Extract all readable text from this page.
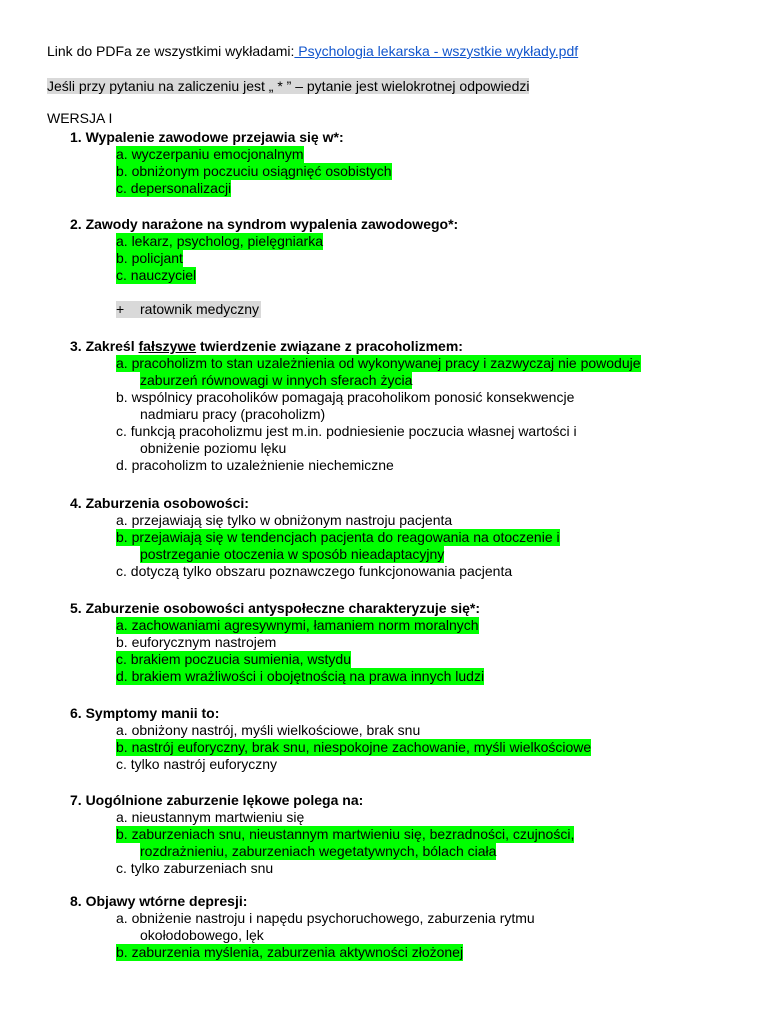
Link do PDFa ze wszystkimi wykładami: Psychologia lekarska - wszystkie wykłady.pdf
Jeśli przy pytaniu na zaliczeniu jest „ * ” – pytanie jest wielokrotnej odpowiedzi
WERSJA I
1. Wypalenie zawodowe przejawia się w*:
a. wyczerpaniu emocjonalnym
b. obniżonym poczuciu osiągnięć osobistych
c. depersonalizacji
2. Zawody narażone na syndrom wypalenia zawodowego*:
a. lekarz, psycholog, pielęgniarka
b. policjant
c. nauczyciel
+ ratownik medyczny
3. Zakreśl fałszywe twierdzenie związane z pracoholizmem:
a. pracoholizm to stan uzależnienia od wykonywanej pracy i zazwyczaj nie powoduje
zaburzeń równowagi w innych sferach życia
b. wspólnicy pracoholików pomagają pracoholikom ponosić konsekwencje
nadmiaru pracy (pracoholizm)
c. funkcją pracoholizmu jest m.in. podniesienie poczucia własnej wartości i
obniżenie poziomu lęku
d. pracoholizm to uzależnienie niechemiczne
4. Zaburzenia osobowości:
a. przejawiają się tylko w obniżonym nastroju pacjenta
b. przejawiają się w tendencjach pacjenta do reagowania na otoczenie i
postrzeganie otoczenia w sposób nieadaptacyjny
c. dotyczą tylko obszaru poznawczego funkcjonowania pacjenta
5. Zaburzenie osobowości antyspołeczne charakteryzuje się*:
a. zachowaniami agresywnymi, łamaniem norm moralnych
b. euforycznym nastrojem
c. brakiem poczucia sumienia, wstydu
d. brakiem wrażliwości i obojętnością na prawa innych ludzi
6. Symptomy manii to:
a. obniżony nastrój, myśli wielkościowe, brak snu
b. nastrój euforyczny, brak snu, niespokojne zachowanie, myśli wielkościowe
c. tylko nastrój euforyczny
7. Uogólnione zaburzenie lękowe polega na:
a. nieustannym martwieniu się
b. zaburzeniach snu, nieustannym martwieniu się, bezradności, czujności,
rozdrażnieniu, zaburzeniach wegetatywnych, bólach ciała
c. tylko zaburzeniach snu
8. Objawy wtórne depresji:
a. obniżenie nastroju i napędu psychoruchowego, zaburzenia rytmu
okołodobowego, lęk
b. zaburzenia myślenia, zaburzenia aktywności złożonej
